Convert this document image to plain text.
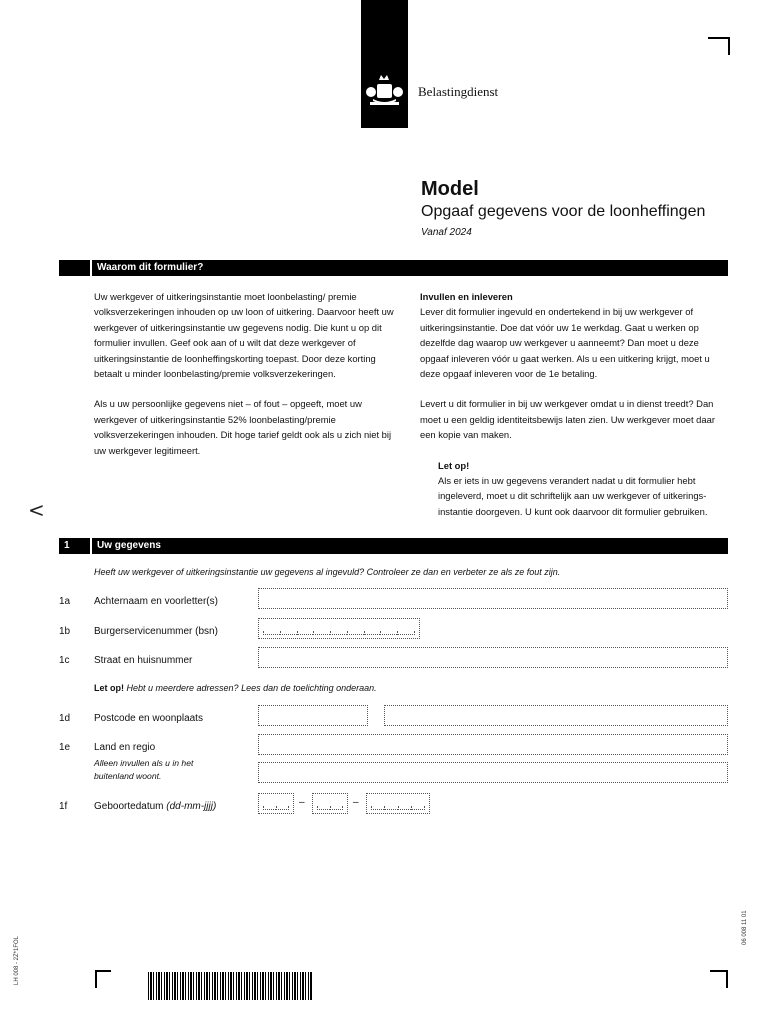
Belastingdienst
<
Model
Opgaaf gegevens voor de loonheffingen
Vanaf 2024
Waarom dit formulier?

Uw werkgever of uitkeringsinstantie moet loonbelasting/ premie volksverzekeringen inhouden op uw loon of uitkering. Daarvoor heeft uw werkgever of uitkeringsinstantie uw gegevens nodig. Die kunt u op dit formulier invullen. Geef ook aan of u wilt dat deze werkgever of uitkeringsinstantie de loonheffingskorting toepast. Door deze korting betaalt u minder loonbelasting/premie volksverzekeringen.

Als u uw persoonlijke gegevens niet – of fout – opgeeft, moet uw werkgever of uitkeringsinstantie 52% loonbelasting/premie volksverzekeringen inhouden. Dit hoge tarief geldt ook als u zich niet bij uw werkgever legitimeert.

Invullen en inleveren

Lever dit formulier ingevuld en ondertekend in bij uw werkgever of uitkeringsinstantie. Doe dat vóór uw 1e werkdag. Gaat u werken op dezelfde dag waarop uw werkgever u aanneemt? Dan moet u deze opgaaf inleveren vóór u gaat werken. Als u een uitkering krijgt, moet u deze opgaaf inleveren voor de 1e betaling.

Levert u dit formulier in bij uw werkgever omdat u in dienst treedt? Dan moet u een geldig identiteitsbewijs laten zien. Uw werkgever moet daar een kopie van maken.

Let op!
Als er iets in uw gegevens verandert nadat u dit formulier hebt ingeleverd, moet u dit schriftelijk aan uw werkgever of uitkerings-instantie doorgeven. U kunt ook daarvoor dit formulier gebruiken.
1	Uw gegevens
Heeft uw werkgever of uitkeringsinstantie uw gegevens al ingevuld? Controleer ze dan en verbeter ze als ze fout zijn.
1a Achternaam en voorletter(s)
1b Burgerservicenummer (bsn)
1c Straat en huisnummer
Let op! Hebt u meerdere adressen? Lees dan de toelichting onderaan.
1d Postcode en woonplaats
1e Land en regio
Alleen invullen als u in het
buitenland woont.
1f	Geboortedatum (dd-mm-jjjj)	–	–
LH 008 - 2Z*1FOL
06 008 11 01
